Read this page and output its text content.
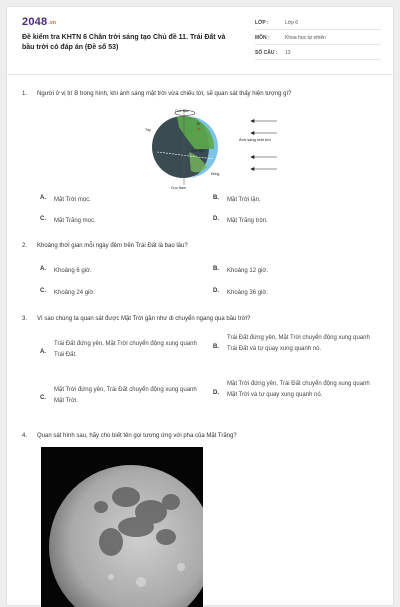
$2048^{.vn}$
Đề kiểm tra KHTN 6 Chân trời sáng tạo Chủ đề 11. Trái Đất và bầu trời có đáp án (Đề số 53)
LỚP :	Lớp 6
MÔN :	Khoa học tự nhiên
SỐ CÂU : 13
1. Người ở vị trí B trong hình, khi ánh sáng mặt trời vừa chiếu tới, sẽ quan sát thấy hiện tượng gì?
Cực Bắc
Cực Nam
Tây
Đông
Xích đạo
B
Ánh sáng mặt trời
A. Mặt Trời mọc.	B. Mặt Trời lặn.
C. Mặt Trăng mọc.	D. Mặt Trăng tròn.
2. Khoảng thời gian mỗi ngày đêm trên Trái Đất là bao lâu?
A. Khoảng 6 giờ.	B. Khoảng 12 giờ.
C. Khoảng 24 giờ.	D. Khoảng 36 giờ.
3. Vì sao chúng ta quan sát được Mặt Trời gần như di chuyển ngang qua bầu trời?
A.
Trái Đất đứng yên, Mặt Trời chuyển động xung quanh Trái Đất.
B.
Trái Đất đứng yên, Mặt Trời chuyển động xung quanh Trái Đất và tự quay xung quanh nó.
C.
Mặt Trời đứng yên, Trái Đất chuyển động xung quanh Mặt Trời.
D.
Mặt Trời đứng yên, Trái Đất chuyển động xung quanh Mặt Trời và tự quay xung quanh nó.
4. Quan sát hình sau, hãy cho biết tên gọi tương ứng với pha của Mặt Trăng?
